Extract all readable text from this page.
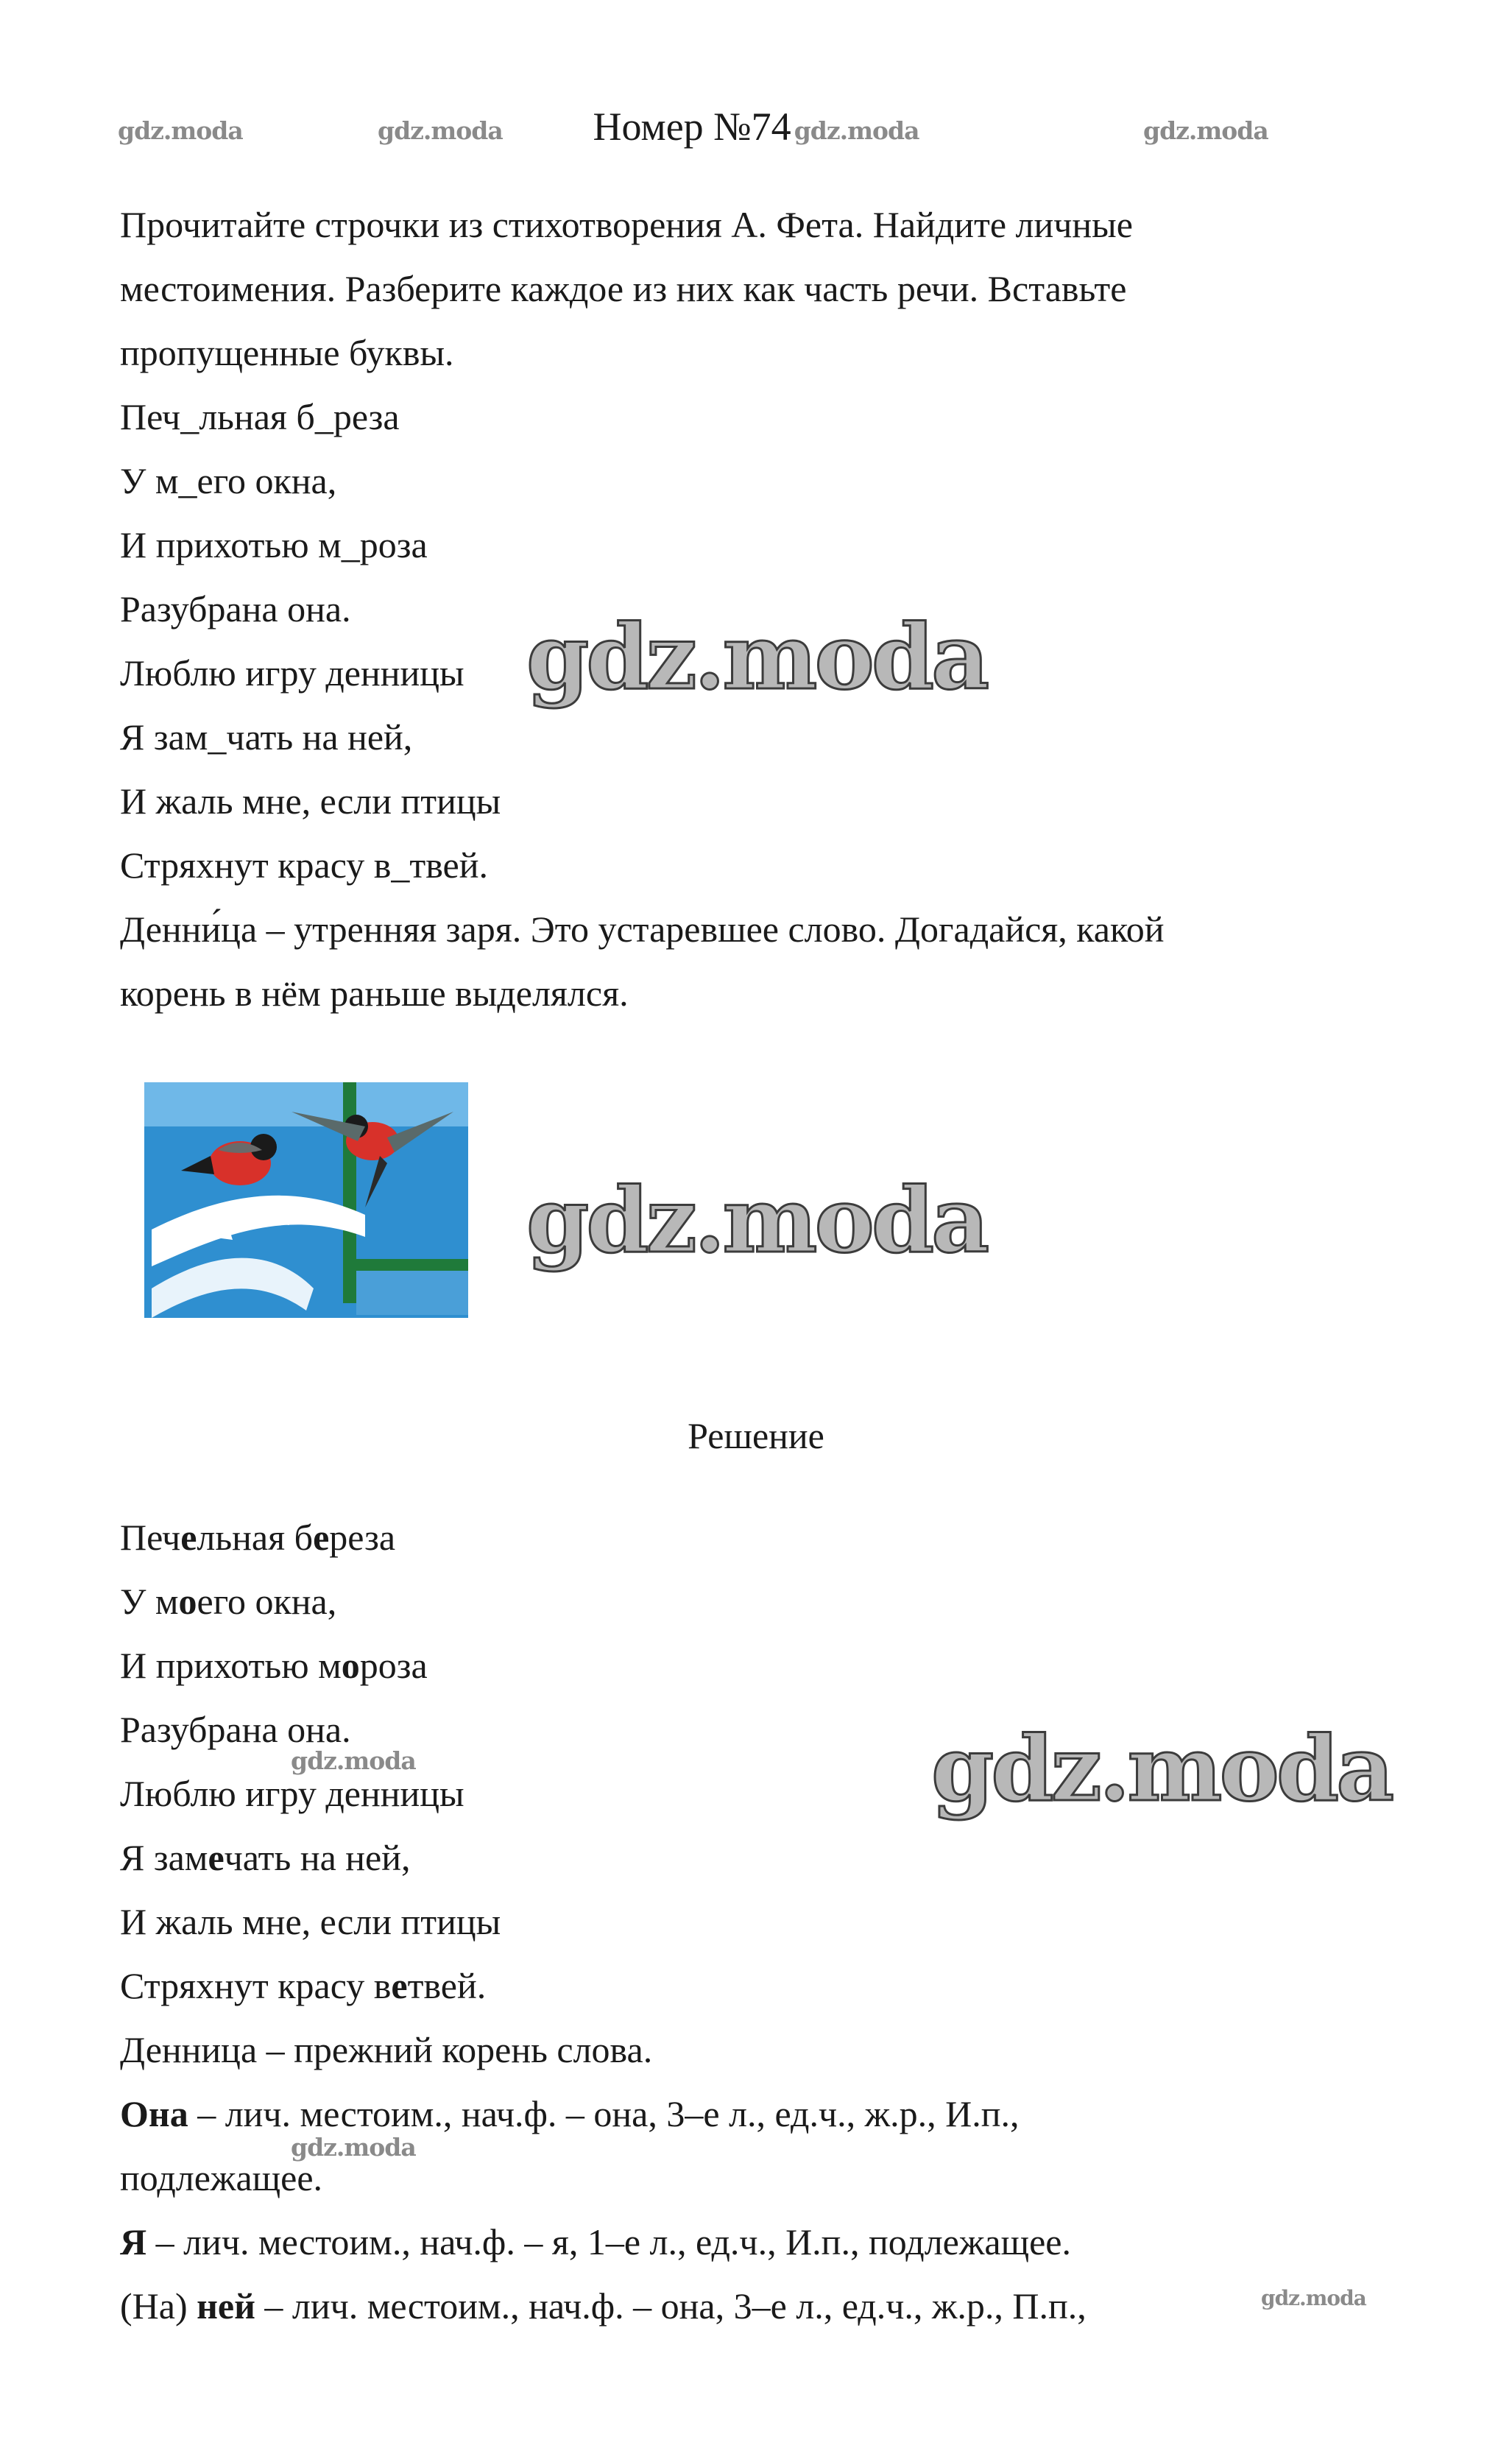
gdz.moda	gdz.moda	gdz.moda
Номер №74 gdz.moda
Прочитайте строчки из стихотворения А. Фета. Найдите личные
местоимения. Разберите каждое из них как часть речи. Вставьте
пропущенные буквы.
Печ_льная б_реза
У м_его окна,
И прихотью м_роза
Разубрана она.
Люблю игру денницы
Я зам_чать на ней,
И жаль мне, если птицы
Стряхнут красу в_твей.
Денни́ца – утренняя заря. Это устаревшее слово. Догадайся, какой
корень в нём раньше выделялся.
gdz.moda
gdz.moda
Решение
Печельная береза
У моего окна,
И прихотью мороза
Разубрана она.
gdz.moda
Люблю игру денницы
Я замечать на ней,
И жаль мне, если птицы
Стряхнут красу ветвей.
gdz.moda
Денница – прежний корень слова.
Она – лич. местоим., нач.ф. – она, 3–е л., ед.ч., ж.р., И.п.,
gdz.moda
подлежащее.
Я – лич. местоим., нач.ф. – я, 1–е л., ед.ч., И.п., подлежащее.
(На) ней – лич. местоим., нач.ф. – она, 3–е л., ед.ч., ж.р., П.п.,	gdz.moda
